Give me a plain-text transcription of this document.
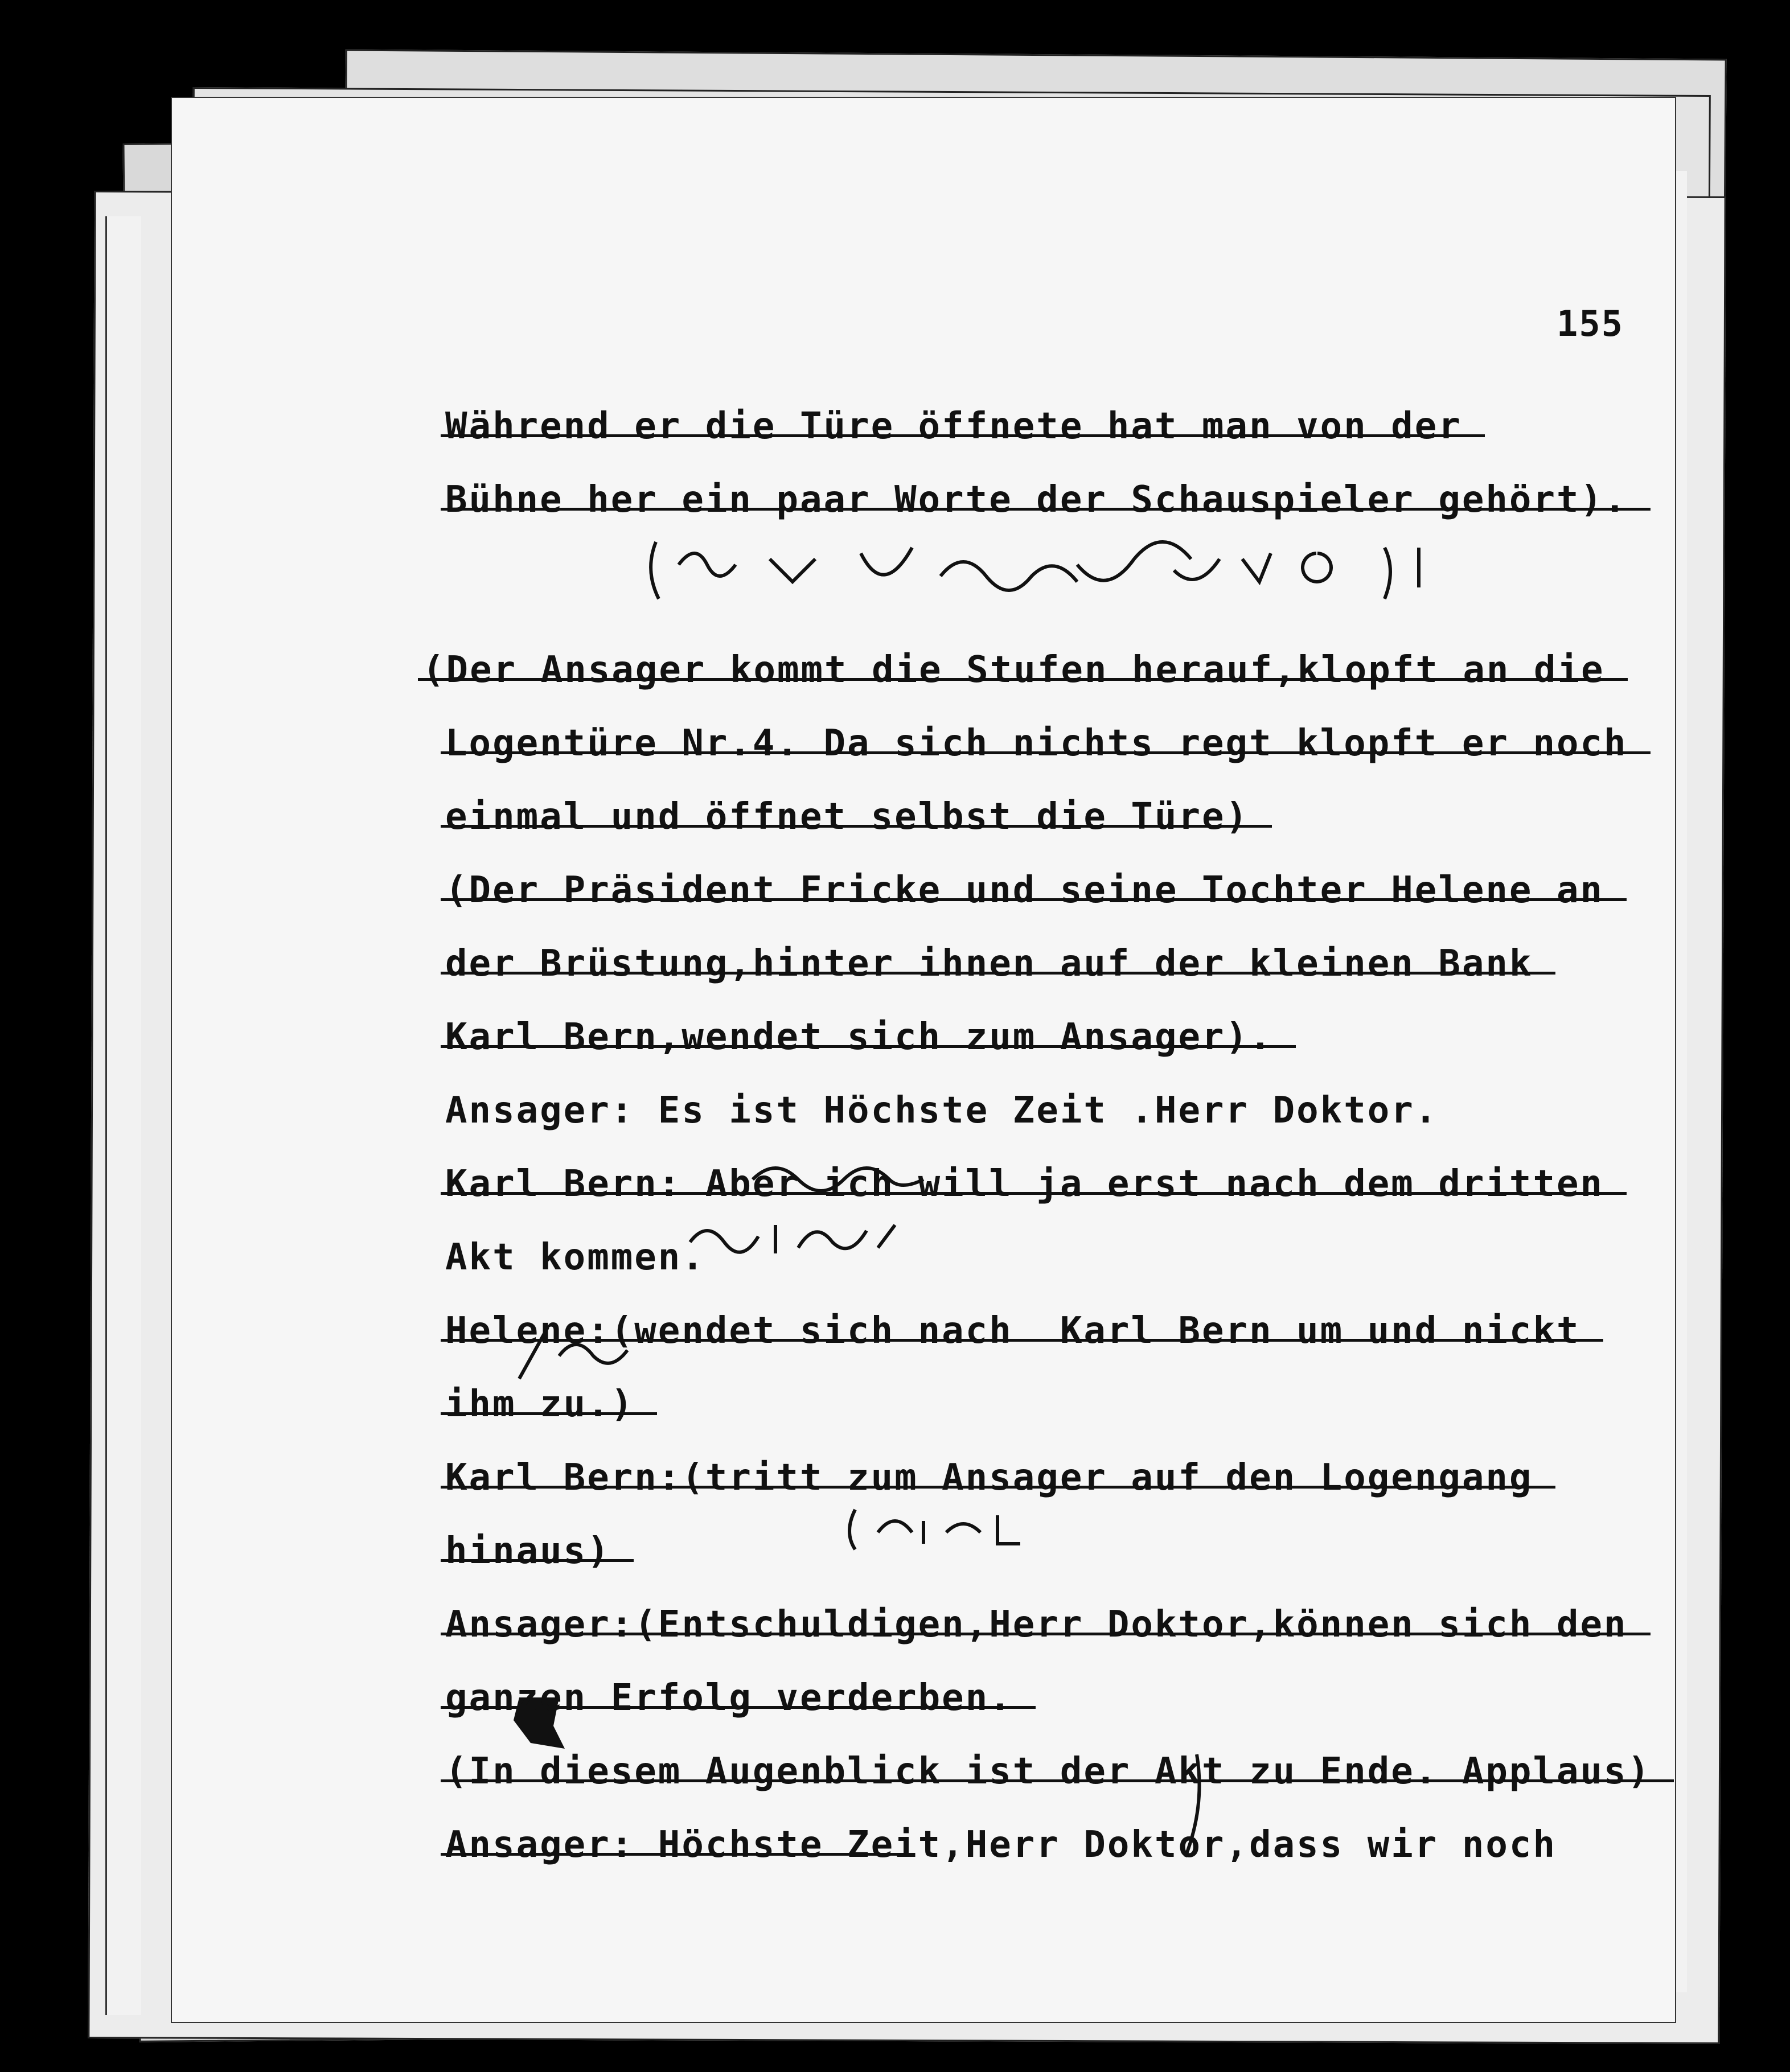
155
Während er die Türe öffnete hat man von der
Bühne her ein paar Worte der Schauspieler gehört).
(Der Ansager kommt die Stufen herauf,klopft an die
Logentüre Nr.4. Da sich nichts regt klopft er noch
einmal und öffnet selbst die Türe)
(Der Präsident Fricke und seine Tochter Helene an
der Brüstung,hinter ihnen auf der kleinen Bank
Karl Bern,wendet sich zum Ansager).
Ansager: Es ist Höchste Zeit .Herr Doktor.
Karl Bern: Aber ich will ja erst nach dem dritten
Akt kommen.
Helene:(wendet sich nach  Karl Bern um und nickt
ihm zu.)
Karl Bern:(tritt zum Ansager auf den Logengang
hinaus)
Ansager:(Entschuldigen,Herr Doktor,können sich den
ganzen Erfolg verderben.
(In diesem Augenblick ist der Akt zu Ende. Applaus)
Ansager: Höchste Zeit,Herr Doktor,dass wir noch
